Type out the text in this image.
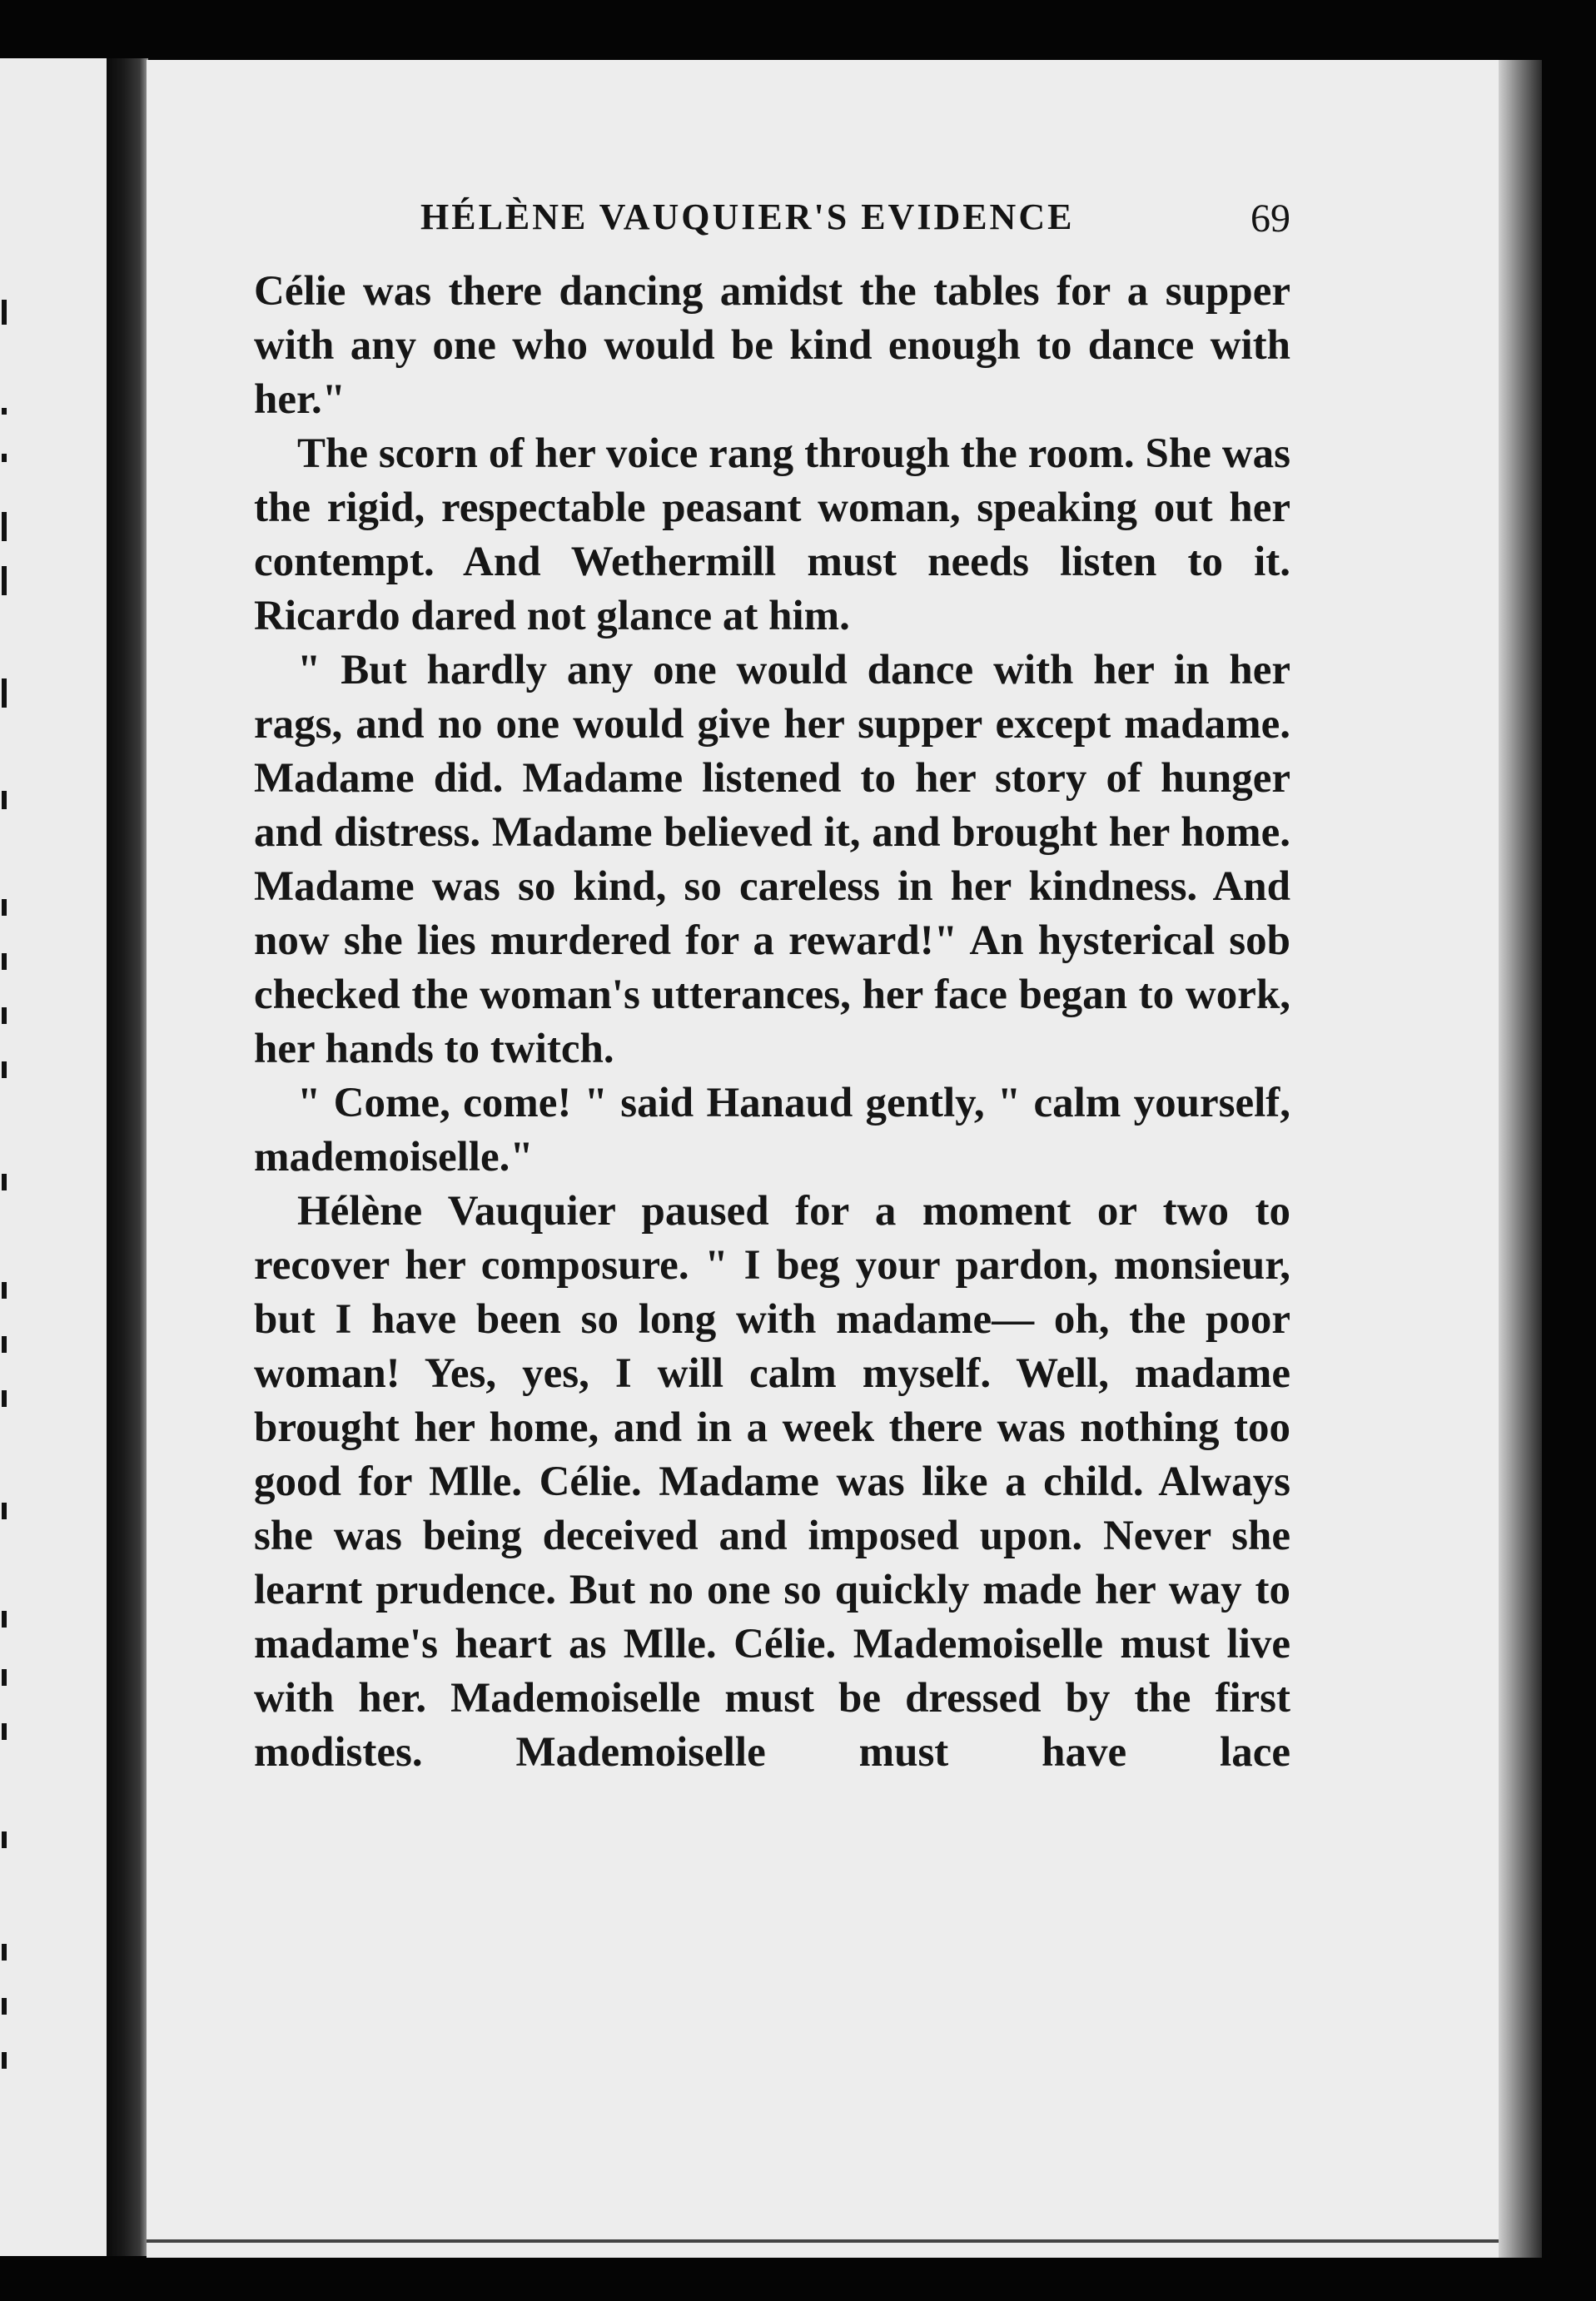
HÉLÈNE VAUQUIER'S EVIDENCE	69

Célie was there dancing amidst the tables for a supper with any one who would be kind enough to dance with her."

The scorn of her voice rang through the room. She was the rigid, respectable peasant woman, speaking out her contempt. And Wethermill must needs listen to it. Ricardo dared not glance at him.

" But hardly any one would dance with her in her rags, and no one would give her supper except madame. Madame did. Madame listened to her story of hunger and distress. Madame believed it, and brought her home. Madame was so kind, so careless in her kindness. And now she lies murdered for a reward!" An hysterical sob checked the woman's utterances, her face began to work, her hands to twitch.

" Come, come! " said Hanaud gently, " calm yourself, mademoiselle."

Hélène Vauquier paused for a moment or two to recover her composure. " I beg your pardon, monsieur, but I have been so long with madame— oh, the poor woman! Yes, yes, I will calm myself. Well, madame brought her home, and in a week there was nothing too good for Mlle. Célie. Madame was like a child. Always she was being deceived and imposed upon. Never she learnt prudence. But no one so quickly made her way to madame's heart as Mlle. Célie. Mademoiselle must live with her. Mademoiselle must be dressed by the first modistes. Mademoiselle must have lace
